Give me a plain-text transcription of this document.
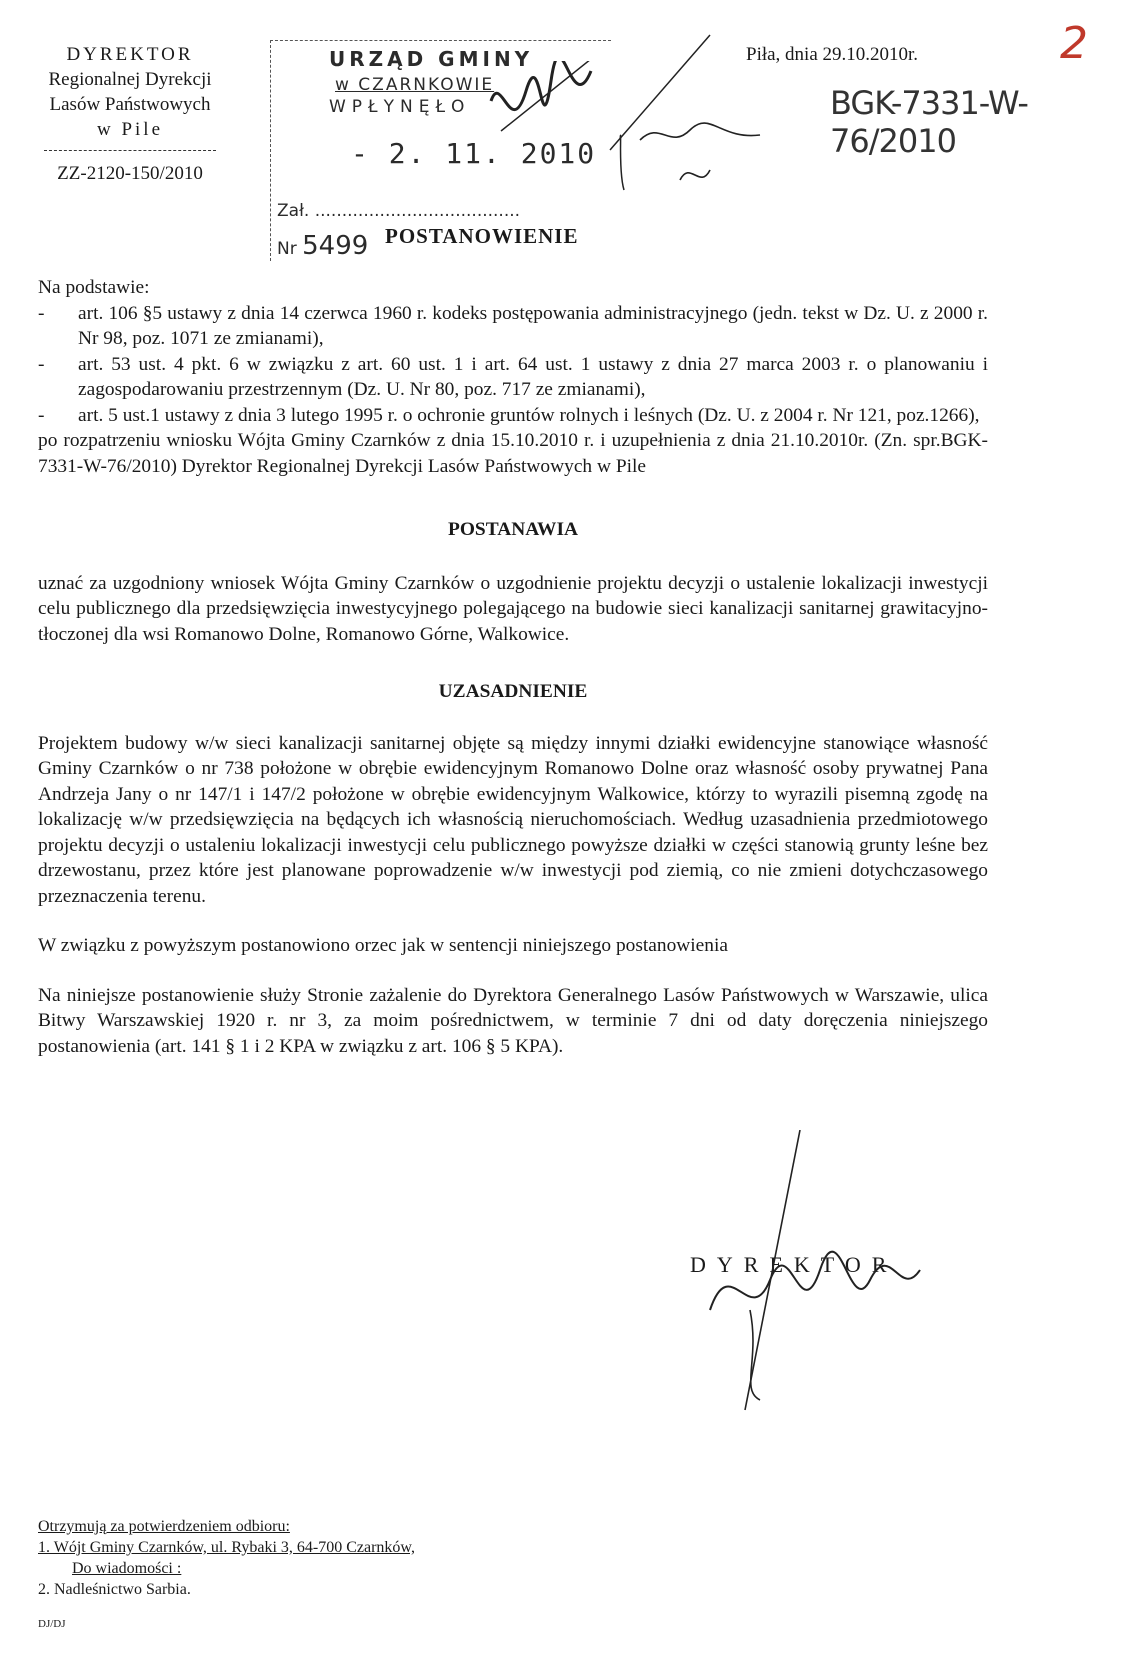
DYREKTOR
Regionalnej Dyrekcji
Lasów Państwowych
w Pile
ZZ-2120-150/2010
URZĄD GMINY
w CZARNKOWIE
WPŁYNĘŁO
- 2. 11. 2010
Zał. ......................................
Nr 5499 POSTANOWIENIE
Piła, dnia 29.10.2010r.	2
BGK-7331-W-76/2010

Na podstawie:

- art. 106 §5 ustawy z dnia 14 czerwca 1960 r. kodeks postępowania administracyjnego (jedn. tekst w Dz. U. z 2000 r. Nr 98, poz. 1071 ze zmianami),

- art. 53 ust. 4 pkt. 6 w związku z art. 60 ust. 1 i art. 64 ust. 1 ustawy z dnia 27 marca 2003 r. o planowaniu i zagospodarowaniu przestrzennym (Dz. U. Nr 80, poz. 717 ze zmianami),

- art. 5 ust.1 ustawy z dnia 3 lutego 1995 r. o ochronie gruntów rolnych i leśnych (Dz. U. z 2004 r. Nr 121, poz.1266),

po rozpatrzeniu wniosku Wójta Gminy Czarnków z dnia 15.10.2010 r. i uzupełnienia z dnia 21.10.2010r. (Zn. spr.BGK-7331-W-76/2010) Dyrektor Regionalnej Dyrekcji Lasów Państwowych w Pile

POSTANAWIA

uznać za uzgodniony wniosek Wójta Gminy Czarnków o uzgodnienie projektu decyzji o ustalenie lokalizacji inwestycji celu publicznego dla przedsięwzięcia inwestycyjnego polegającego na budowie sieci kanalizacji sanitarnej grawitacyjno-tłoczonej dla wsi Romanowo Dolne, Romanowo Górne, Walkowice.

UZASADNIENIE

Projektem budowy w/w sieci kanalizacji sanitarnej objęte są między innymi działki ewidencyjne stanowiące własność Gminy Czarnków o nr 738 położone w obrębie ewidencyjnym Romanowo Dolne oraz własność osoby prywatnej Pana Andrzeja Jany o nr 147/1 i 147/2 położone w obrębie ewidencyjnym Walkowice, którzy to wyrazili pisemną zgodę na lokalizację w/w przedsięwzięcia na będących ich własnością nieruchomościach. Według uzasadnienia przedmiotowego projektu decyzji o ustaleniu lokalizacji inwestycji celu publicznego powyższe działki w części stanowią grunty leśne bez drzewostanu, przez które jest planowane poprowadzenie w/w inwestycji pod ziemią, co nie zmieni dotychczasowego przeznaczenia terenu.

W związku z powyższym postanowiono orzec jak w sentencji niniejszego postanowienia

Na niniejsze postanowienie służy Stronie zażalenie do Dyrektora Generalnego Lasów Państwowych w Warszawie, ulica Bitwy Warszawskiej 1920 r. nr 3, za moim pośrednictwem, w terminie 7 dni od daty doręczenia niniejszego postanowienia (art. 141 § 1 i 2 KPA w związku z art. 106 § 5 KPA).

DYREKTOR
Otrzymują za potwierdzeniem odbioru:
1. Wójt Gminy Czarnków, ul. Rybaki 3, 64-700 Czarnków,
Do wiadomości :
2. Nadleśnictwo Sarbia.
DJ/DJ
